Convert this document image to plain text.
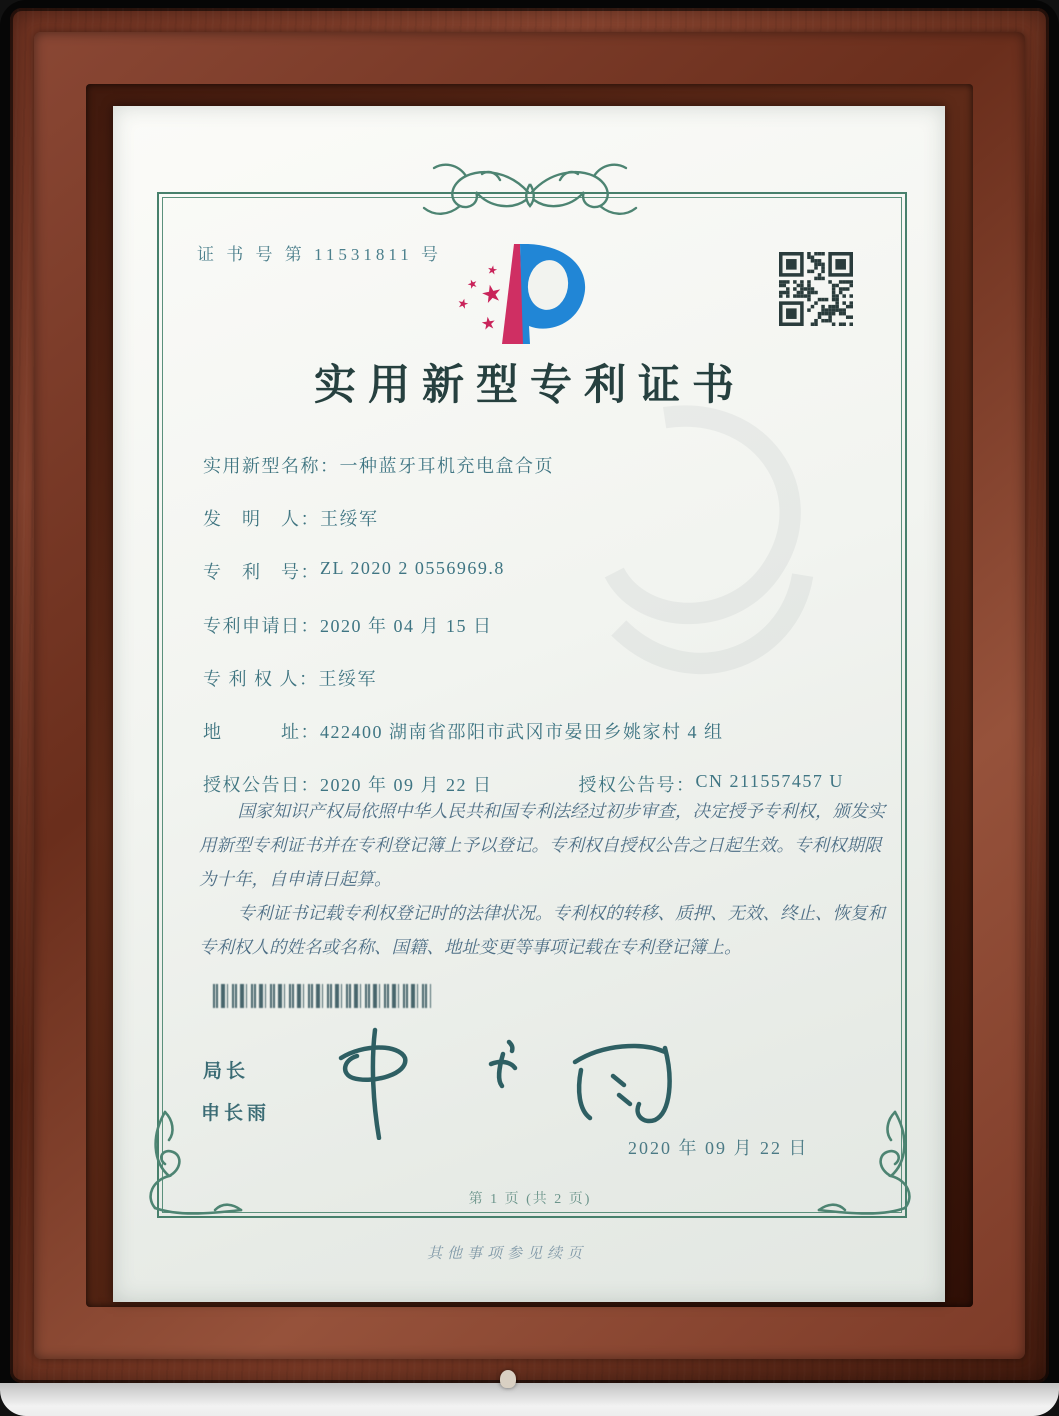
证 书 号 第 11531811 号
★
★
★
★
★
实用新型专利证书
实用新型名称： 一种蓝牙耳机充电盒合页
发　明　人： 王绥军
专　利　号： ZL 2020 2 0556969.8
专利申请日： 2020 年 04 月 15 日
专 利 权 人： 王绥军
地　　　址： 422400 湖南省邵阳市武冈市晏田乡姚家村 4 组
授权公告日： 2020 年 09 月 22 日	授权公告号： CN 211557457 U

国家知识产权局依照中华人民共和国专利法经过初步审查，决定授予专利权，颁发实用新型专利证书并在专利登记簿上予以登记。专利权自授权公告之日起生效。专利权期限为十年，自申请日起算。

专利证书记载专利权登记时的法律状况。专利权的转移、质押、无效、终止、恢复和专利权人的姓名或名称、国籍、地址变更等事项记载在专利登记簿上。

局长
申长雨
2020 年 09 月 22 日
第 1 页 (共 2 页)
其他事项参见续页
